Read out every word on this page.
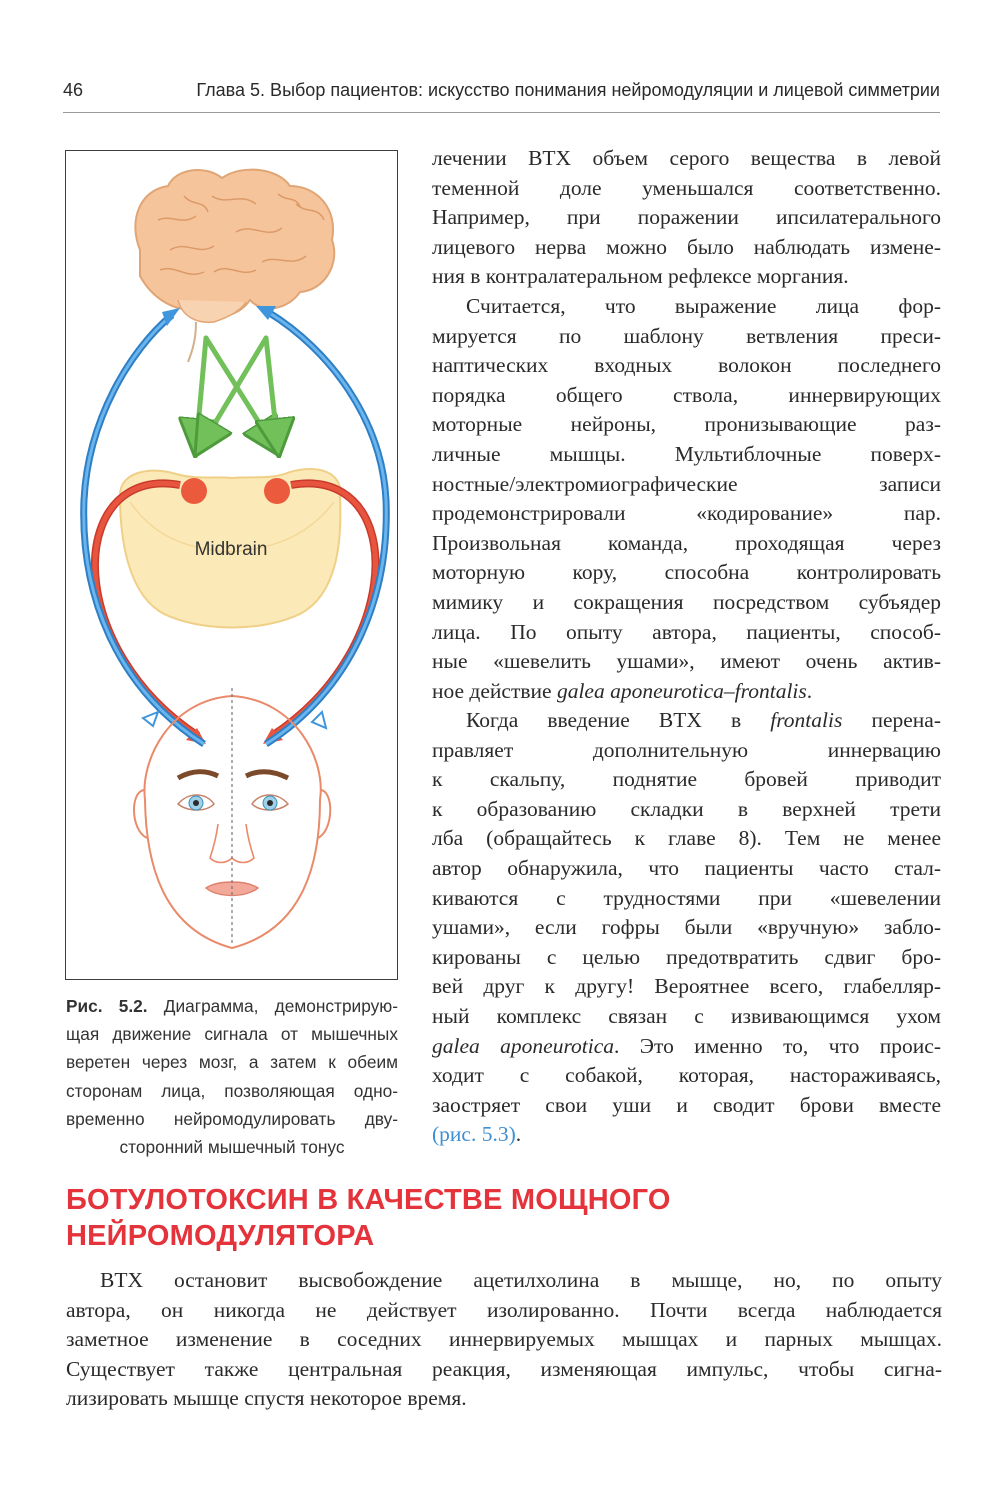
46	Глава 5. Выбор пациентов: искусство понимания нейромодуляции и лицевой симметрии
Midbrain
Рис. 5.2. Диаграмма, демонстрирую-
щая движение сигнала от мышечных
веретен через мозг, а затем к обеим
сторонам лица, позволяющая одно-
временно нейромодулировать дву-
сторонний мышечный тонус
лечении BTX объем серого вещества в левой
теменной доле уменьшался соответственно.
Например, при поражении ипсилатерального
лицевого нерва можно было наблюдать измене-
ния в контралатеральном рефлексе моргания.
Считается, что выражение лица фор-
мируется по шаблону ветвления преси-
наптических входных волокон последнего
порядка общего ствола, иннервирующих
моторные нейроны, пронизывающие раз-
личные мышцы. Мультиблочные поверх-
ностные/электромиографические записи
продемонстрировали «кодирование» пар.
Произвольная команда, проходящая через
моторную кору, способна контролировать
мимику и сокращения посредством субъядер
лица. По опыту автора, пациенты, способ-
ные «шевелить ушами», имеют очень актив-
ное действие galea aponeurotica–frontalis.
Когда введение BTX в frontalis перена-
правляет дополнительную иннервацию
к скальпу, поднятие бровей приводит
к образованию складки в верхней трети
лба (обращайтесь к главе 8). Тем не менее
автор обнаружила, что пациенты часто стал-
киваются с трудностями при «шевелении
ушами», если гофры были «вручную» забло-
кированы с целью предотвратить сдвиг бро-
вей друг к другу! Вероятнее всего, глабелляр-
ный комплекс связан с извивающимся ухом
galea aponeurotica. Это именно то, что проис-
ходит с собакой, которая, настораживаясь,
заостряет свои уши и сводит брови вместе
(рис. 5.3).
БОТУЛОТОКСИН В КАЧЕСТВЕ МОЩНОГО
НЕЙРОМОДУЛЯТОРА
BTX остановит высвобождение ацетилхолина в мышце, но, по опыту
автора, он никогда не действует изолированно. Почти всегда наблюдается
заметное изменение в соседних иннервируемых мышцах и парных мышцах.
Существует также центральная реакция, изменяющая импульс, чтобы сигна-
лизировать мышце спустя некоторое время.
